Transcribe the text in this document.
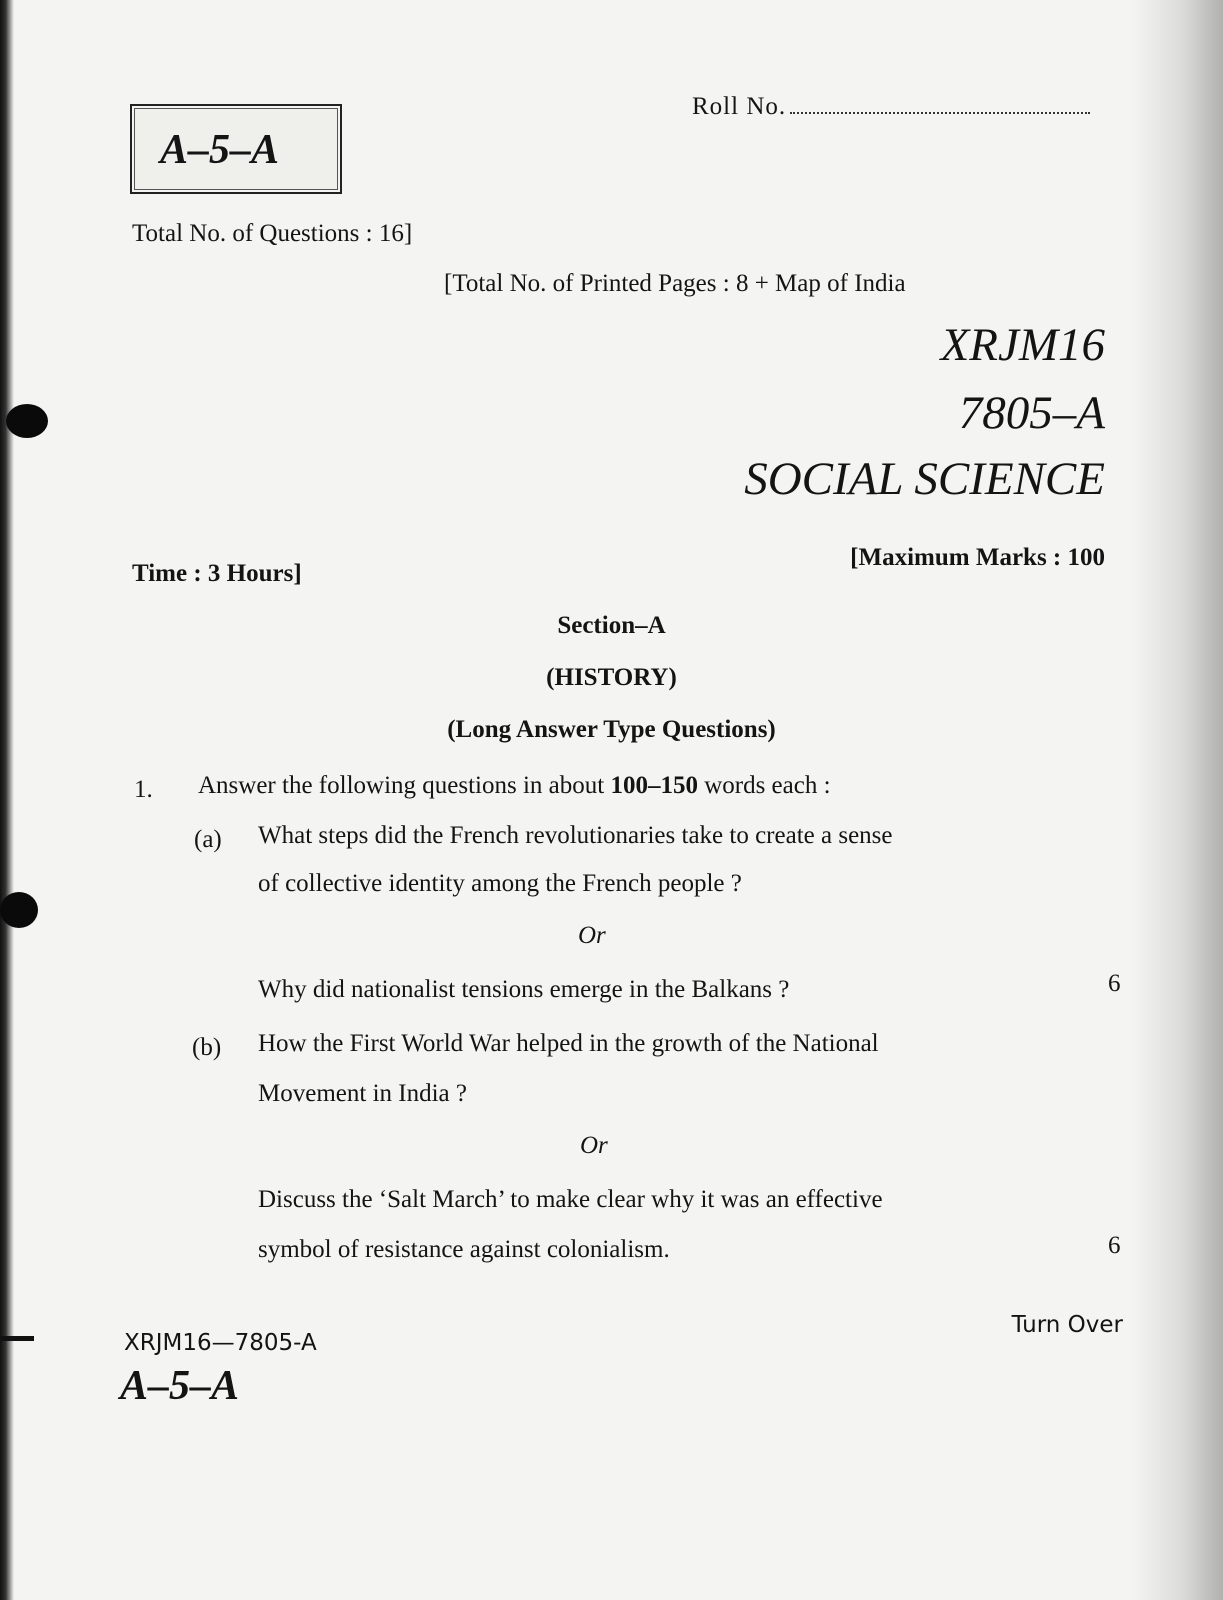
A–5–A
Roll No.
Total No. of Questions : 16]
[Total No. of Printed Pages : 8 + Map of India
XRJM16
7805–A
SOCIAL SCIENCE
Time : 3 Hours]
[Maximum Marks : 100
Section–A
(HISTORY)
(Long Answer Type Questions)
1. Answer the following questions in about 100–150 words each :
(a) What steps did the French revolutionaries take to create a sense
of collective identity among the French people ?
Or
Why did nationalist tensions emerge in the Balkans ?	6
(b) How the First World War helped in the growth of the National
Movement in India ?
Or
Discuss the ‘Salt March’ to make clear why it was an effective
symbol of resistance against colonialism.	6
XRJM16—7805-A
A–5–A
Turn Over
